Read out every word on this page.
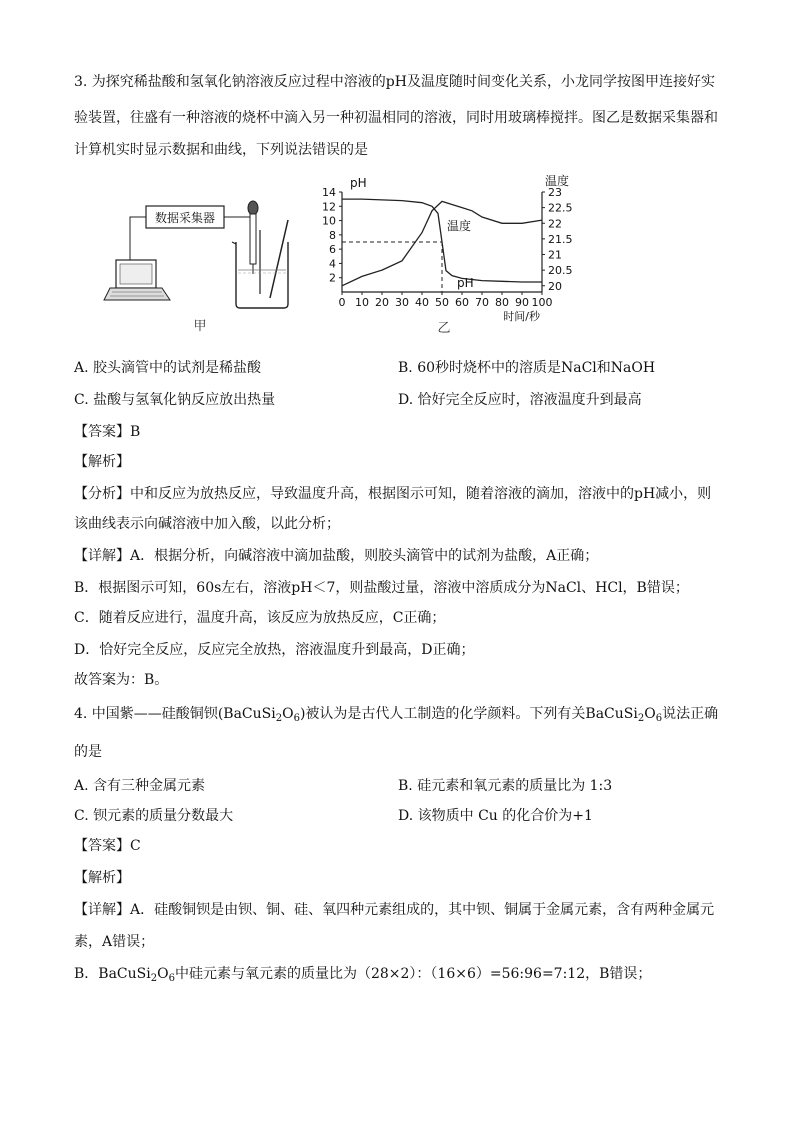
3. 为探究稀盐酸和氢氧化钠溶液反应过程中溶液的pH及温度随时间变化关系，小龙同学按图甲连接好实
验装置，往盛有一种溶液的烧杯中滴入另一种初温相同的溶液，同时用玻璃棒搅拌。图乙是数据采集器和
计算机实时显示数据和曲线，下列说法错误的是
数据采集器
甲
pH	温度
0 10 20 30 40 50 60 70 80 90 100
2
4
6
8
10
12
14
20
20.5
21
21.5
22
22.5
23
温度
pH
时间/秒
乙
A. 胶头滴管中的试剂是稀盐酸	B. 60秒时烧杯中的溶质是NaCl和NaOH
C. 盐酸与氢氧化钠反应放出热量	D. 恰好完全反应时，溶液温度升到最高
【答案】B
【解析】
【分析】中和反应为放热反应，导致温度升高，根据图示可知，随着溶液的滴加，溶液中的pH减小，则
该曲线表示向碱溶液中加入酸，以此分析；
【详解】A．根据分析，向碱溶液中滴加盐酸，则胶头滴管中的试剂为盐酸，A正确；
B．根据图示可知，60s左右，溶液pH＜7，则盐酸过量，溶液中溶质成分为NaCl、HCl，B错误；
C．随着反应进行，温度升高，该反应为放热反应，C正确；
D．恰好完全反应，反应完全放热，溶液温度升到最高，D正确；
故答案为：B。
4. 中国紫——硅酸铜钡$(BaCuSi_2O_6)$被认为是古代人工制造的化学颜料。下列有关$BaCuSi_2O_6$说法正确
的是
A. 含有三种金属元素	B. 硅元素和氧元素的质量比为 1:3
C. 钡元素的质量分数最大	D. 该物质中 Cu 的化合价为+1
【答案】C
【解析】
【详解】A．硅酸铜钡是由钡、铜、硅、氧四种元素组成的，其中钡、铜属于金属元素，含有两种金属元
素，A错误；
B．$BaCuSi_2O_6$中硅元素与氧元素的质量比为（28×2）：（16×6）=56:96=7:12，B错误；
